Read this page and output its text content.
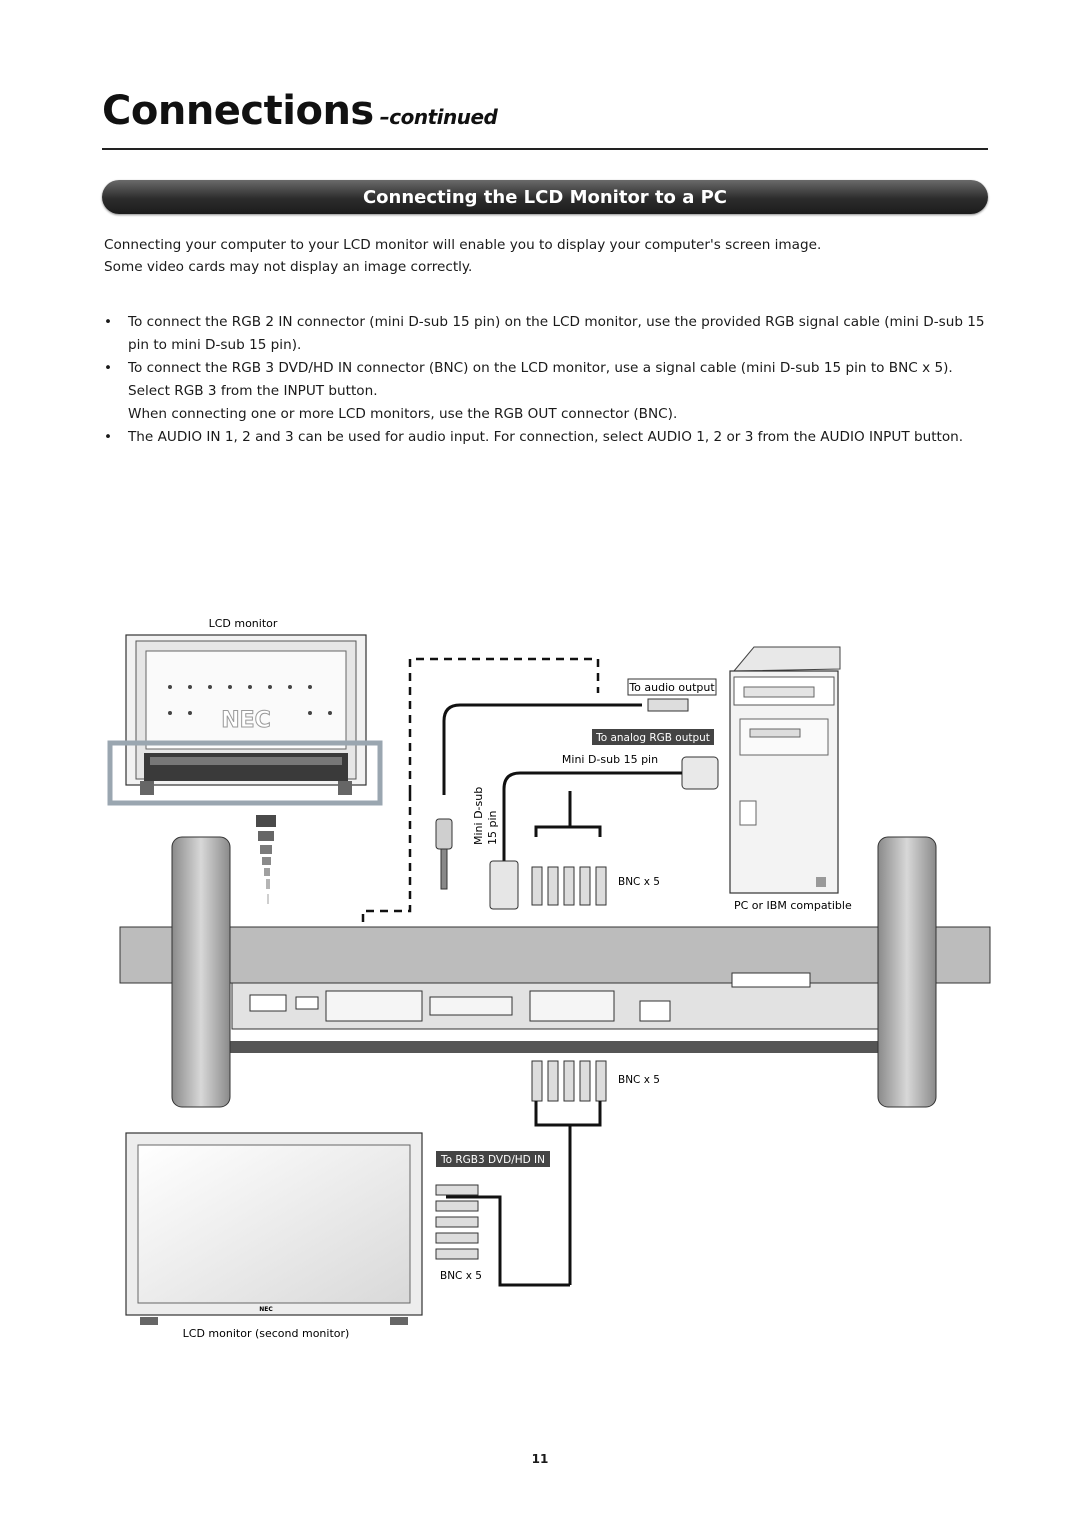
Connections –continued
Connecting the LCD Monitor to a PC

Connecting your computer to your LCD monitor will enable you to display your computer's screen image.

Some video cards may not display an image correctly.

• To connect the RGB 2 IN connector (mini D-sub 15 pin) on the LCD monitor, use the provided RGB signal cable (mini D-sub 15 pin to mini D-sub 15 pin).
• To connect the RGB 3 DVD/HD IN connector (BNC) on the LCD monitor, use a signal cable (mini D-sub 15 pin to BNC x 5). Select RGB 3 from the INPUT button.
When connecting one or more LCD monitors, use the RGB OUT connector (BNC).
• The AUDIO IN 1, 2 and 3 can be used for audio input. For connection, select AUDIO 1, 2 or 3 from the AUDIO INPUT button.
LCD monitor
NEC
PC or IBM compatible
To audio output
To analog RGB output
Mini D-sub 15 pin
Mini D-sub 15 pin
BNC x 5
BNC x 5
To RGB3 DVD/HD IN
NEC
LCD monitor (second monitor)
BNC x 5
11
